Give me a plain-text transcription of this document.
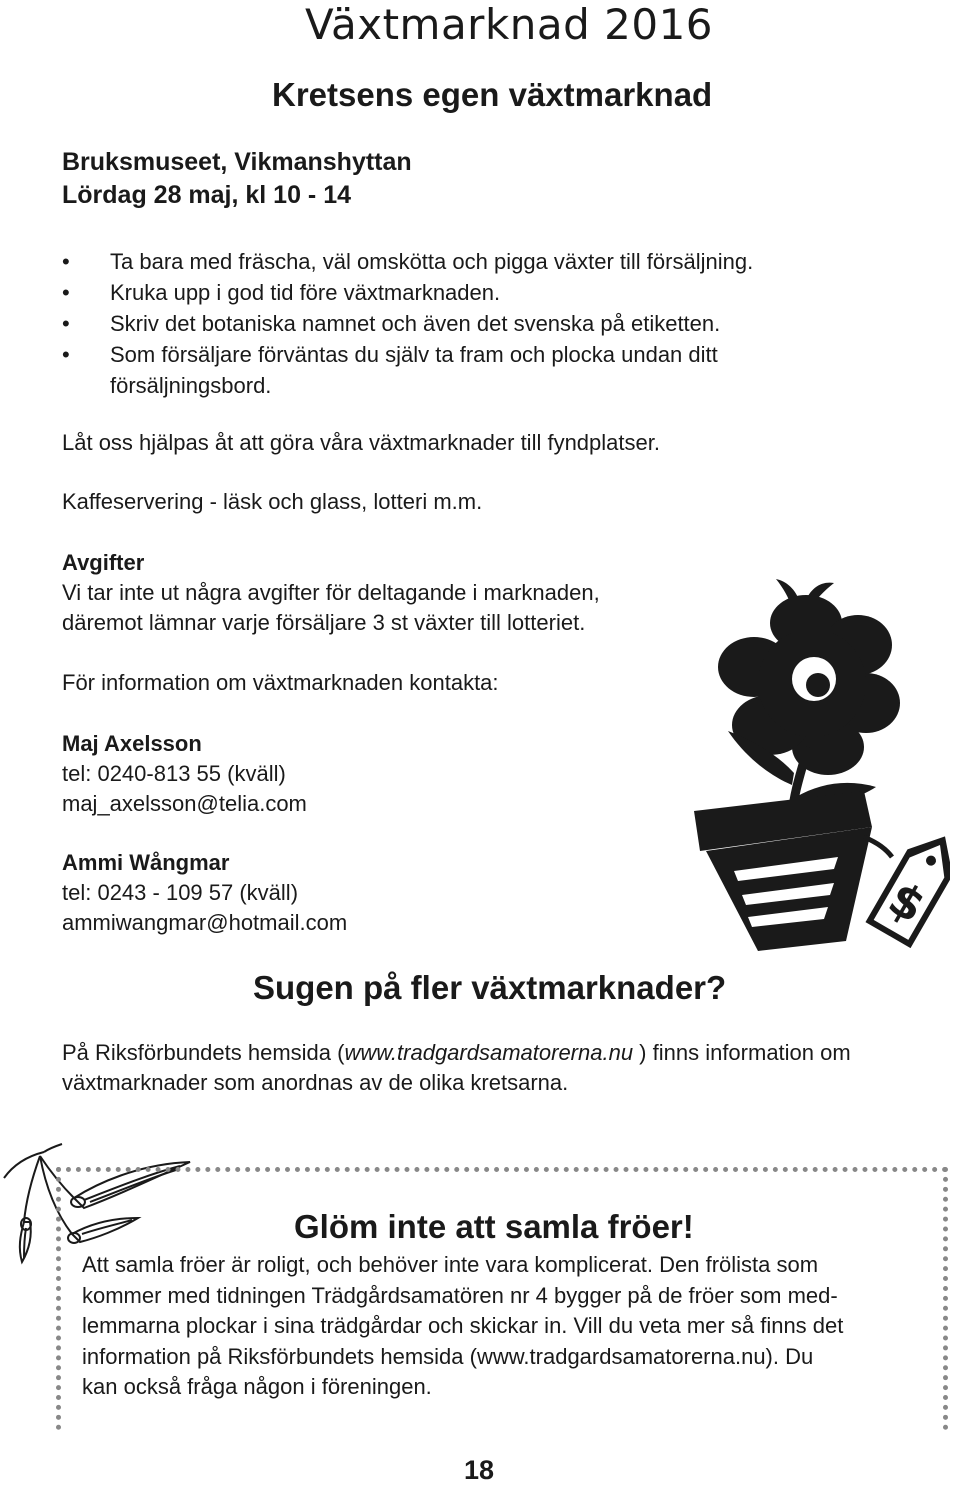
Växtmarknad 2016
Kretsens egen växtmarknad
Bruksmuseet, Vikmanshyttan
Lördag 28 maj, kl 10 - 14
• Ta bara med fräscha, väl omskötta och pigga växter till försäljning.
• Kruka upp i god tid före växtmarknaden.
• Skriv det botaniska namnet och även det svenska på etiketten.
• Som försäljare förväntas du själv ta fram och plocka undan ditt försäljningsbord.
Låt oss hjälpas åt att göra våra växtmarknader till fyndplatser.
Kaffeservering - läsk och glass, lotteri m.m.
Avgifter
Vi tar inte ut några avgifter för deltagande i marknaden,
däremot lämnar varje försäljare 3 st växter till lotteriet.
För information om växtmarknaden kontakta:
Maj Axelsson
tel: 0240-813 55 (kväll)
maj_axelsson@telia.com
Ammi Wångmar
tel: 0243 - 109 57 (kväll)
ammiwangmar@hotmail.com	$
Sugen på fler växtmarknader?
På Riksförbundets hemsida (www.tradgardsamatorerna.nu ) finns information om
växtmarknader som anordnas av de olika kretsarna.
Glöm inte att samla fröer!
Att samla fröer är roligt, och behöver inte vara komplicerat. Den frölista som
kommer med tidningen Trädgårdsamatören nr 4 bygger på de fröer som med-
lemmarna plockar i sina trädgårdar och skickar in. Vill du veta mer så finns det
information på Riksförbundets hemsida (www.tradgardsamatorerna.nu). Du
kan också fråga någon i föreningen.
18
